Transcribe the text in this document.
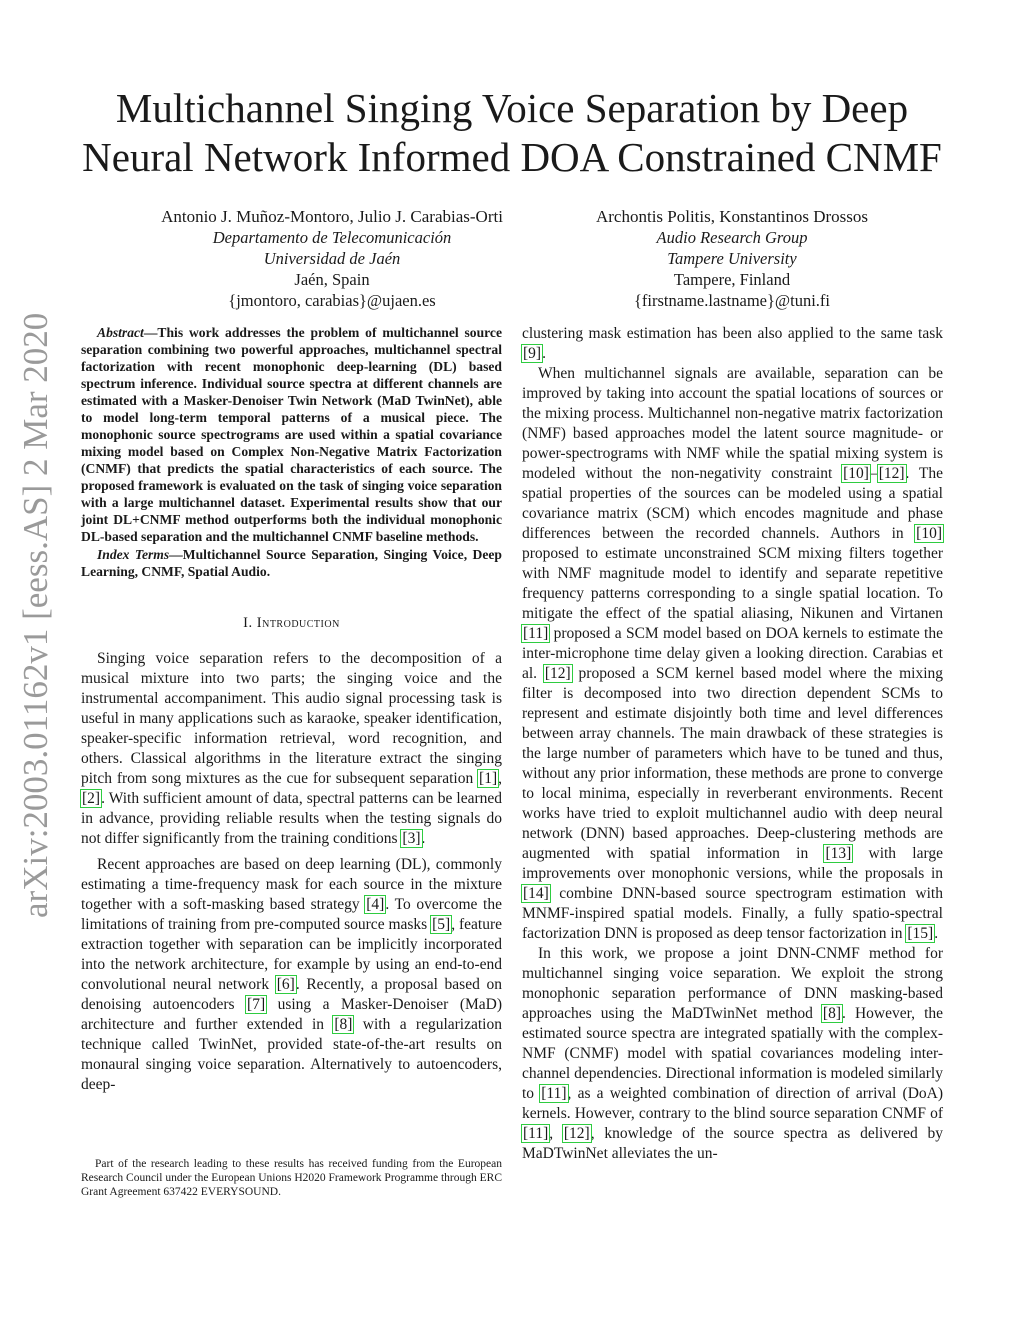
arXiv:2003.01162v1 [eess.AS] 2 Mar 2020
Multichannel Singing Voice Separation by Deep Neural Network Informed DOA Constrained CNMF
Antonio J. Muñoz-Montoro, Julio J. Carabias-Orti
Departamento de Telecomunicación
Universidad de Jaén
Jaén, Spain
{jmontoro, carabias}@ujaen.es
Archontis Politis, Konstantinos Drossos
Audio Research Group
Tampere University
Tampere, Finland
{firstname.lastname}@tuni.fi

Abstract—This work addresses the problem of multichannel source separation combining two powerful approaches, multichannel spectral factorization with recent monophonic deep-learning (DL) based spectrum inference. Individual source spectra at different channels are estimated with a Masker-Denoiser Twin Network (MaD TwinNet), able to model long-term temporal patterns of a musical piece. The monophonic source spectrograms are used within a spatial covariance mixing model based on Complex Non-Negative Matrix Factorization (CNMF) that predicts the spatial characteristics of each source. The proposed framework is evaluated on the task of singing voice separation with a large multichannel dataset. Experimental results show that our joint DL+CNMF method outperforms both the individual monophonic DL-based separation and the multichannel CNMF baseline methods.

Index Terms—Multichannel Source Separation, Singing Voice, Deep Learning, CNMF, Spatial Audio.

I. Introduction

Singing voice separation refers to the decomposition of a musical mixture into two parts; the singing voice and the instrumental accompaniment. This audio signal processing task is useful in many applications such as karaoke, speaker identification, speaker-specific information retrieval, word recognition, and others. Classical algorithms in the literature extract the singing pitch from song mixtures as the cue for subsequent separation [1], [2]. With sufficient amount of data, spectral patterns can be learned in advance, providing reliable results when the testing signals do not differ significantly from the training conditions [3].

Recent approaches are based on deep learning (DL), commonly estimating a time-frequency mask for each source in the mixture together with a soft-masking based strategy [4]. To overcome the limitations of training from pre-computed source masks [5], feature extraction together with separation can be implicitly incorporated into the network architecture, for example by using an end-to-end convolutional neural network [6]. Recently, a proposal based on denoising autoencoders [7] using a Masker-Denoiser (MaD) architecture and further extended in [8] with a regularization technique called TwinNet, provided state-of-the-art results on monaural singing voice separation. Alternatively to autoencoders, deep-

Part of the research leading to these results has received funding from the European Research Council under the European Unions H2020 Framework Programme through ERC Grant Agreement 637422 EVERYSOUND.

clustering mask estimation has been also applied to the same task [9].

When multichannel signals are available, separation can be improved by taking into account the spatial locations of sources or the mixing process. Multichannel non-negative matrix factorization (NMF) based approaches model the latent source magnitude- or power-spectrograms with NMF while the spatial mixing system is modeled without the non-negativity constraint [10]–[12]. The spatial properties of the sources can be modeled using a spatial covariance matrix (SCM) which encodes magnitude and phase differences between the recorded channels. Authors in [10] proposed to estimate unconstrained SCM mixing filters together with NMF magnitude model to identify and separate repetitive frequency patterns corresponding to a single spatial location. To mitigate the effect of the spatial aliasing, Nikunen and Virtanen [11] proposed a SCM model based on DOA kernels to estimate the inter-microphone time delay given a looking direction. Carabias et al. [12] proposed a SCM kernel based model where the mixing filter is decomposed into two direction dependent SCMs to represent and estimate disjointly both time and level differences between array channels. The main drawback of these strategies is the large number of parameters which have to be tuned and thus, without any prior information, these methods are prone to converge to local minima, especially in reverberant environments. Recent works have tried to exploit multichannel audio with deep neural network (DNN) based approaches. Deep-clustering methods are augmented with spatial information in [13] with large improvements over monophonic versions, while the proposals in [14] combine DNN-based source spectrogram estimation with MNMF-inspired spatial models. Finally, a fully spatio-spectral factorization DNN is proposed as deep tensor factorization in [15].

In this work, we propose a joint DNN-CNMF method for multichannel singing voice separation. We exploit the strong monophonic separation performance of DNN masking-based approaches using the MaDTwinNet method [8]. However, the estimated source spectra are integrated spatially with the complex-NMF (CNMF) model with spatial covariances modeling inter-channel dependencies. Directional information is modeled similarly to [11], as a weighted combination of direction of arrival (DoA) kernels. However, contrary to the blind source separation CNMF of [11], [12], knowledge of the source spectra as delivered by MaDTwinNet alleviates the un-
